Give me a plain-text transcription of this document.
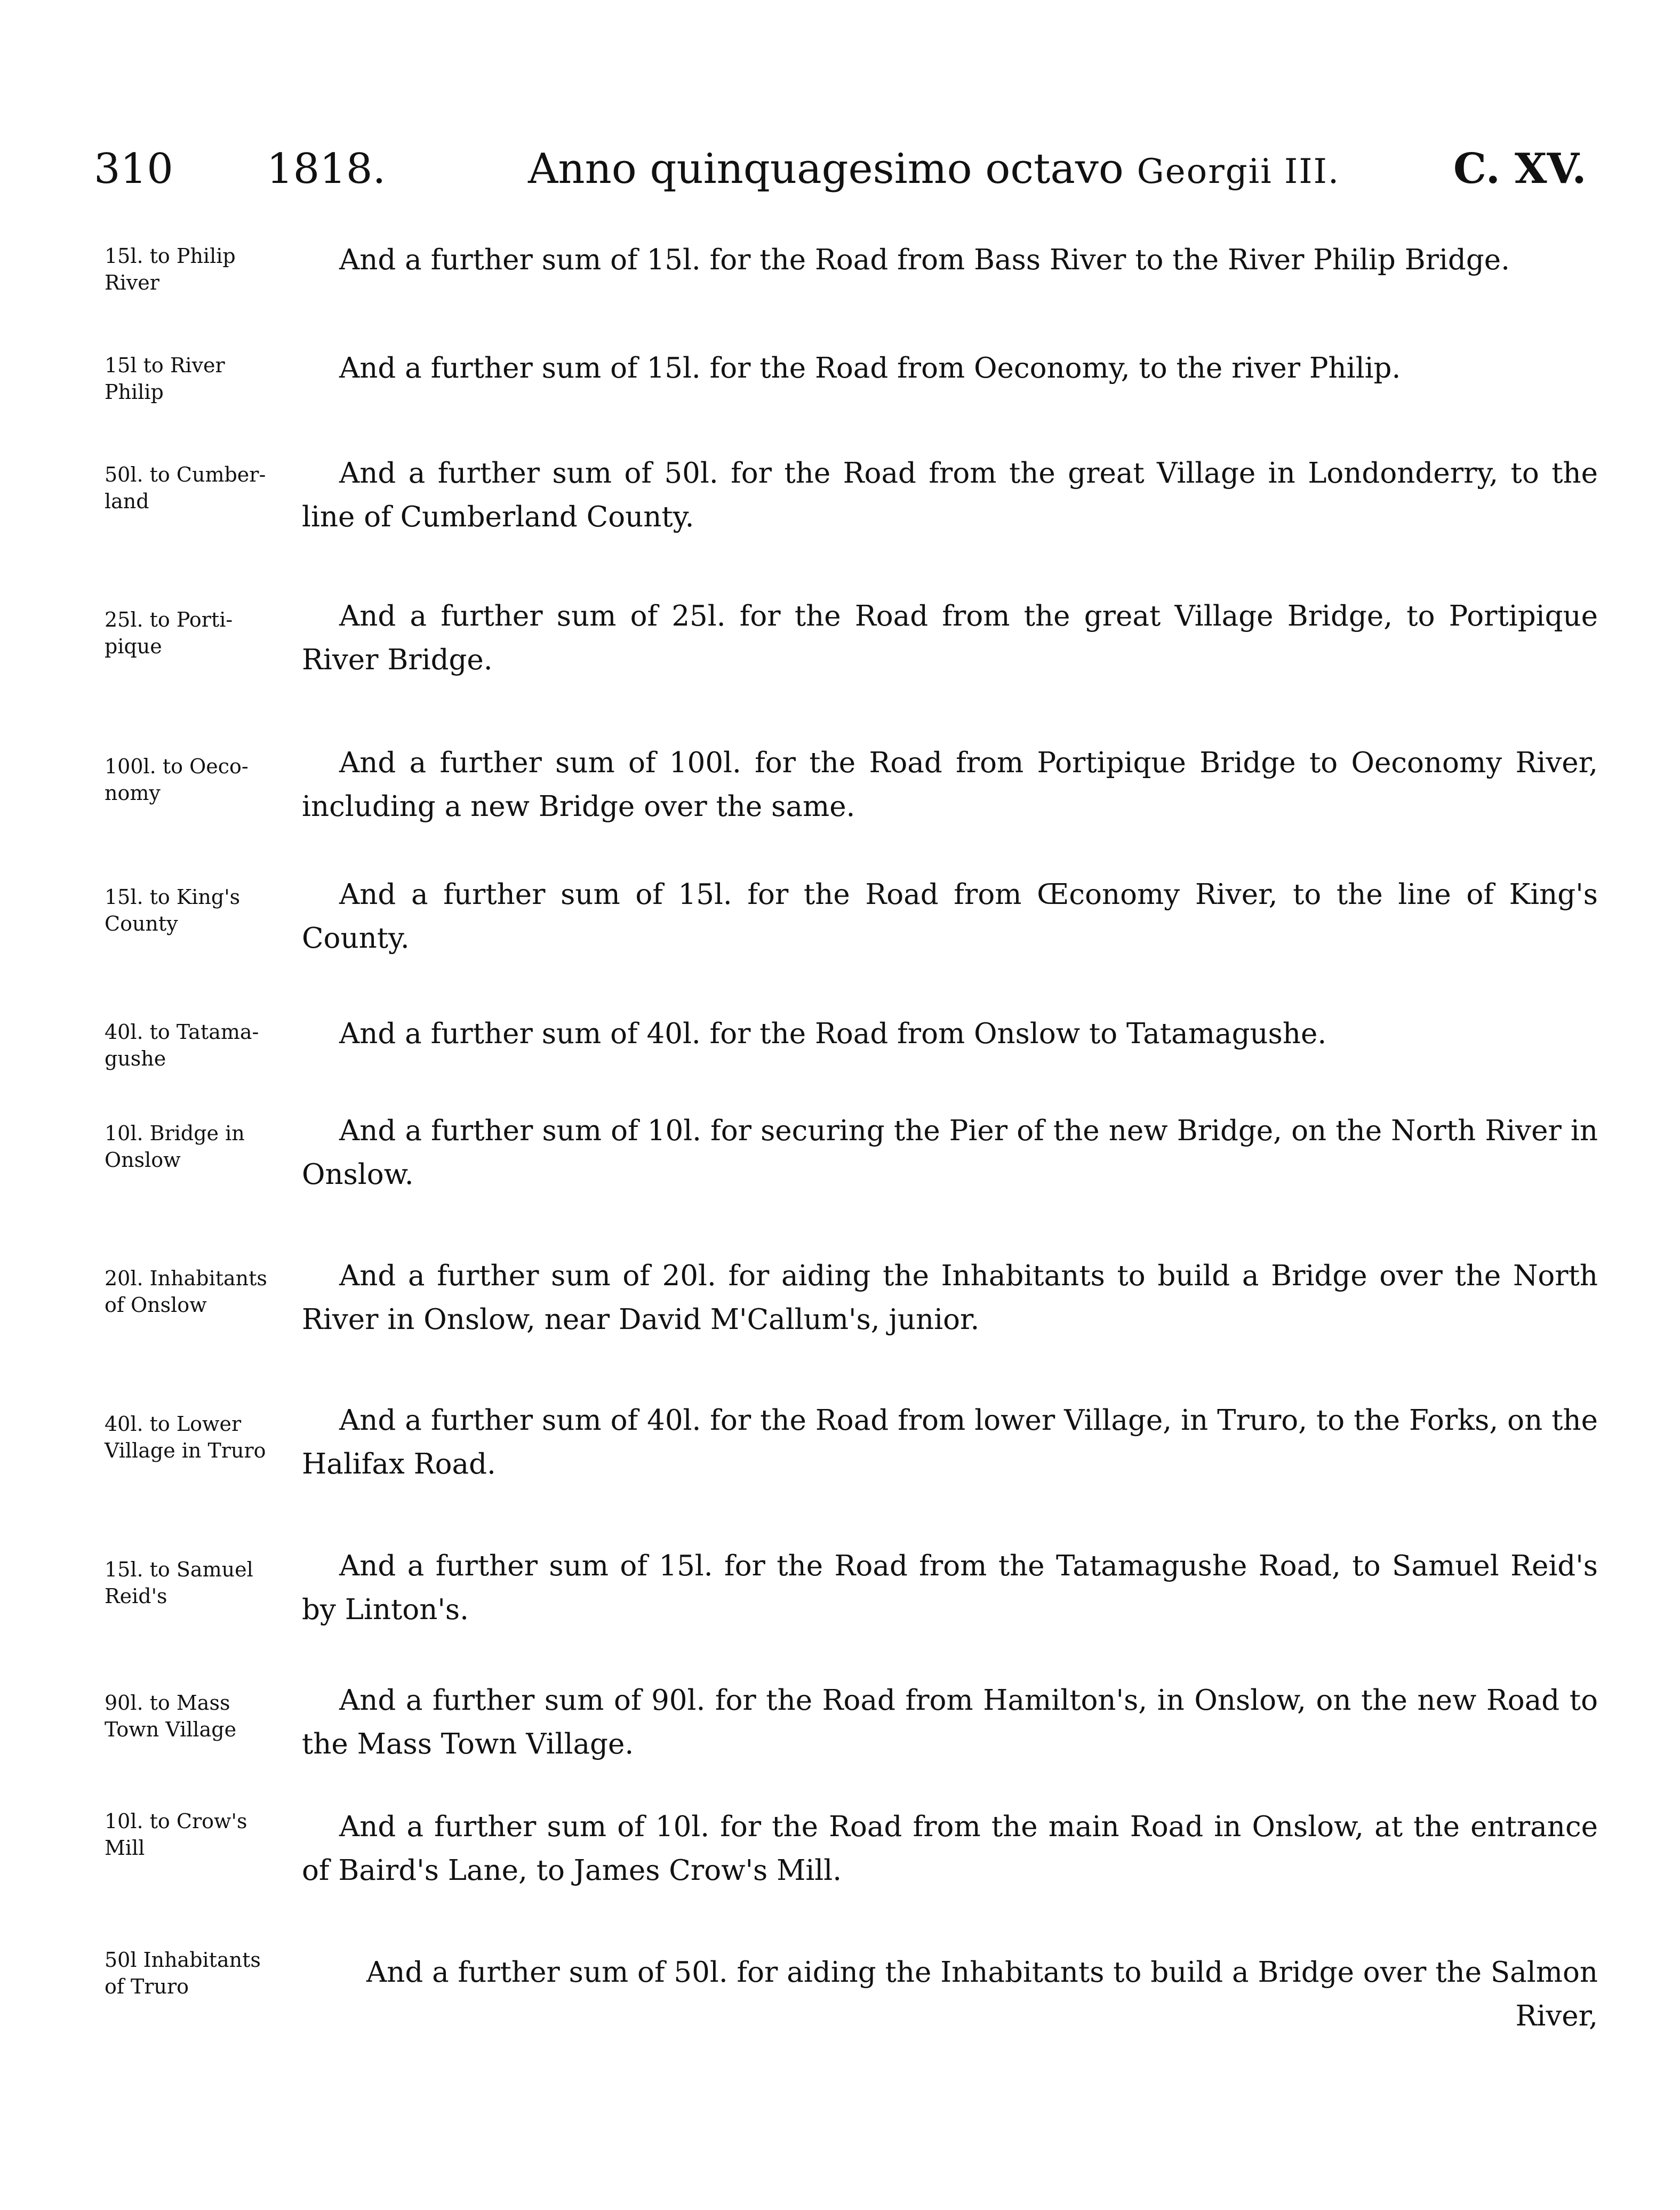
310 1818.	Anno quinquagesimo octavo Georgii III.	C. XV.
15l. to Philip
River
And a further sum of 15l. for the Road from Bass River to the River Philip Bridge.
15l to River
Philip
And a further sum of 15l. for the Road from Oeconomy, to the river Philip.
50l. to Cumber-
land
And a further sum of 50l. for the Road from the great Village in Londonderry, to the line of Cumberland County.
25l. to Porti-
pique
And a further sum of 25l. for the Road from the great Village Bridge, to Portipique River Bridge.
100l. to Oeco-
nomy
And a further sum of 100l. for the Road from Portipique Bridge to Oeconomy River, including a new Bridge over the same.
15l. to King's
County
And a further sum of 15l. for the Road from Œconomy River, to the line of King's County.
40l. to Tatama-
gushe
And a further sum of 40l. for the Road from Onslow to Tatamagushe.
10l. Bridge in
Onslow
And a further sum of 10l. for securing the Pier of the new Bridge, on the North River in Onslow.
20l. Inhabitants
of Onslow
And a further sum of 20l. for aiding the Inhabitants to build a Bridge over the North River in Onslow, near David M'Callum's, junior.
40l. to Lower
Village in Truro
And a further sum of 40l. for the Road from lower Village, in Truro, to the Forks, on the Halifax Road.
15l. to Samuel
Reid's
And a further sum of 15l. for the Road from the Tatamagushe Road, to Samuel Reid's by Linton's.
90l. to Mass
Town Village
And a further sum of 90l. for the Road from Hamilton's, in Onslow, on the new Road to the Mass Town Village.
10l. to Crow's
Mill
And a further sum of 10l. for the Road from the main Road in Onslow, at the entrance of Baird's Lane, to James Crow's Mill.
50l Inhabitants
of Truro	And a further sum of 50l. for aiding the Inhabitants to build a Bridge over the Salmon River,
